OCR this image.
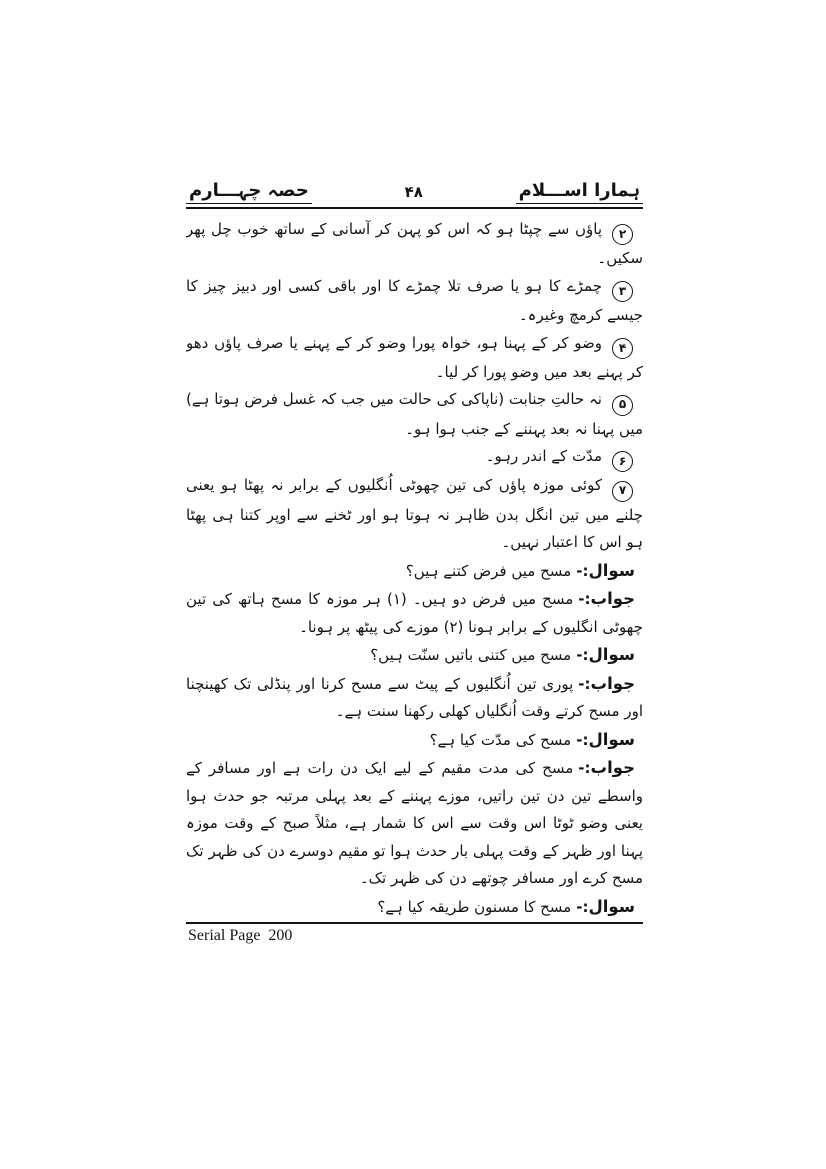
ہمارا اســـلام
۴۸
حصہ چہـــارم
۲پاؤں سے چپٹا ہو کہ اس کو پہن کر آسانی کے ساتھ خوب چل پھر سکیں۔
۳چمڑے کا ہو یا صرف تلا چمڑے کا اور باقی کسی اور دبیز چیز کا جیسے کرمچ وغیرہ۔
۴وضو کر کے پہنا ہو، خواہ پورا وضو کر کے پہنے یا صرف پاؤں دھو کر پہنے بعد میں وضو پورا کر لیا۔
۵نہ حالتِ جنابت (ناپاکی کی حالت میں جب کہ غسل فرض ہوتا ہے) میں پہنا نہ بعد پہننے کے جنب ہوا ہو۔
۶مدّت کے اندر رہو۔
۷کوئی موزہ پاؤں کی تین چھوٹی اُنگلیوں کے برابر نہ پھٹا ہو یعنی چلنے میں تین انگل بدن ظاہر نہ ہوتا ہو اور ٹخنے سے اوپر کتنا ہی پھٹا ہو اس کا اعتبار نہیں۔
سوال:-مسح میں فرض کتنے ہیں؟
جواب:-مسح میں فرض دو ہیں۔ (۱) ہر موزہ کا مسح ہاتھ کی تین چھوٹی انگلیوں کے برابر ہونا (۲) موزے کی پیٹھ پر ہونا۔
سوال:-مسح میں کتنی باتیں سنّت ہیں؟
جواب:-پوری تین اُنگلیوں کے پیٹ سے مسح کرنا اور پنڈلی تک کھینچنا اور مسح کرتے وقت اُنگلیاں کھلی رکھنا سنت ہے۔
سوال:-مسح کی مدّت کیا ہے؟
جواب:-مسح کی مدت مقیم کے لیے ایک دن رات ہے اور مسافر کے واسطے تین دن تین راتیں، موزے پہننے کے بعد پہلی مرتبہ جو حدث ہوا یعنی وضو ٹوٹا اس وقت سے اس کا شمار ہے، مثلاً صبح کے وقت موزہ پہنا اور ظہر کے وقت پہلی بار حدث ہوا تو مقیم دوسرے دن کی ظہر تک مسح کرے اور مسافر چوتھے دن کی ظہر تک۔
سوال:-مسح کا مسنون طریقہ کیا ہے؟
Serial Page  200
